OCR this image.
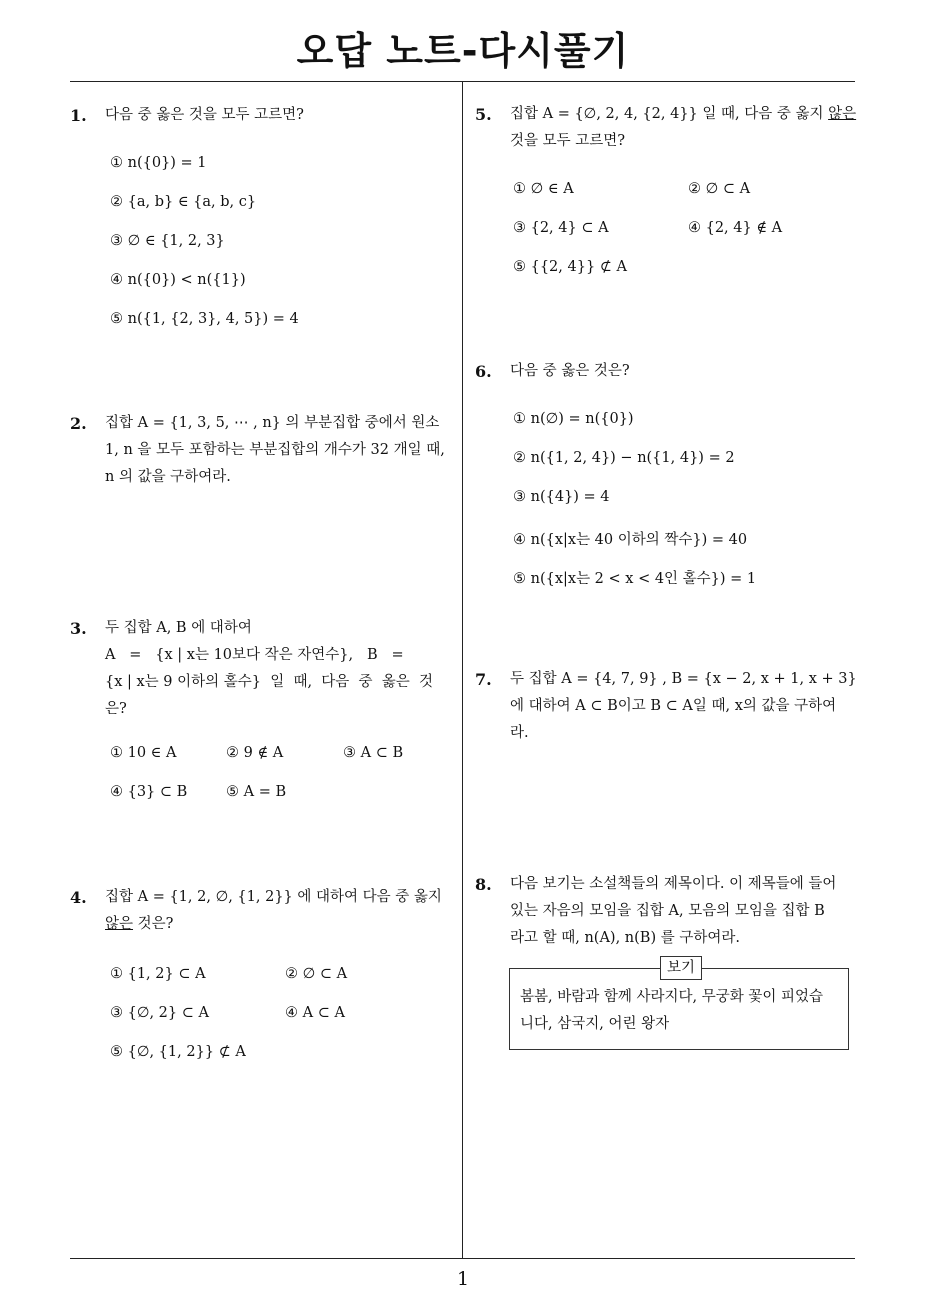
오답 노트-다시풀기
1. 다음 중 옳은 것을 모두 고르면?
① n({0}) = 1
② {a, b} ∈ {a, b, c}
③ ∅ ∈ {1, 2, 3}
④ n({0}) < n({1})
⑤ n({1, {2, 3}, 4, 5}) = 4
2. 집합 A = {1, 3, 5, ⋯ , n} 의 부분집합 중에서 원소
1, n 을 모두 포함하는 부분집합의 개수가 32 개일 때,
n 의 값을 구하여라.
3. 두 집합 A, B 에 대하여
A   =   {x | x는 10보다 작은 자연수},   B   =
{x | x는 9 이하의 홀수}  일  때,  다음  중  옳은  것
은?
① 10 ∈ A	② 9 ∉ A	③ A ⊂ B
④ {3} ⊂ B	⑤ A = B
4. 집합 A = {1, 2, ∅, {1, 2}} 에 대하여 다음 중 옳지
않은 것은?
① {1, 2} ⊂ A	② ∅ ⊂ A
③ {∅, 2} ⊂ A	④ A ⊂ A
⑤ {∅, {1, 2}} ⊄ A
5. 집합 A = {∅, 2, 4, {2, 4}} 일 때, 다음 중 옳지 않은
것을 모두 고르면?
① ∅ ∈ A	② ∅ ⊂ A
③ {2, 4} ⊂ A	④ {2, 4} ∉ A
⑤ {{2, 4}} ⊄ A
6. 다음 중 옳은 것은?
① n(∅) = n({0})
② n({1, 2, 4}) − n({1, 4}) = 2
③ n({4}) = 4
④ n({x|x는 40 이하의 짝수}) = 40
⑤ n({x|x는 2 < x < 4인 홀수}) = 1
7. 두 집합 A = {4, 7, 9} , B = {x − 2, x + 1, x + 3}
에 대하여 A ⊂ B이고 B ⊂ A일 때, x의 값을 구하여
라.
8. 다음 보기는 소설책들의 제목이다. 이 제목들에 들어
있는 자음의 모임을 집합 A, 모음의 모임을 집합 B
라고 할 때, n(A), n(B) 를 구하여라.
보기
봄봄, 바람과 함께 사라지다, 무궁화 꽃이 피었습
니다, 삼국지, 어린 왕자
1
